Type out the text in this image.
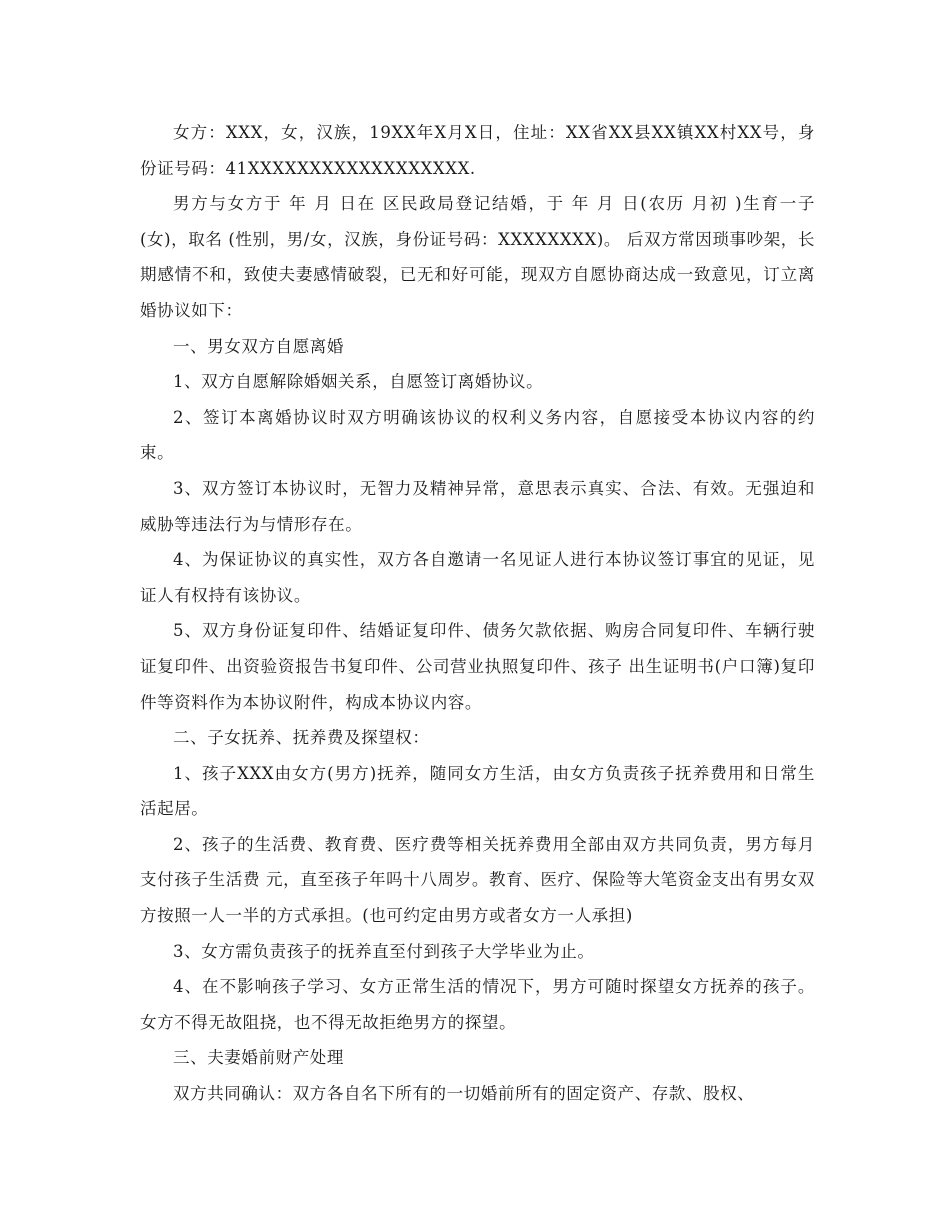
女方：XXX，女，汉族，19XX年X月X日，住址：XX省XX县XX镇XX村XX号，身份证号码：41XXXXXXXXXXXXXXXXXX.

男方与女方于 年 月 日在 区民政局登记结婚，于 年 月 日(农历 月初 )生育一子(女)，取名 (性别，男/女，汉族，身份证号码：XXXXXXXX)。 后双方常因琐事吵架，长期感情不和，致使夫妻感情破裂，已无和好可能，现双方自愿协商达成一致意见，订立离婚协议如下：

一、男女双方自愿离婚

1、双方自愿解除婚姻关系，自愿签订离婚协议。

2、签订本离婚协议时双方明确该协议的权利义务内容，自愿接受本协议内容的约束。

3、双方签订本协议时，无智力及精神异常，意思表示真实、合法、有效。无强迫和威胁等违法行为与情形存在。

4、为保证协议的真实性，双方各自邀请一名见证人进行本协议签订事宜的见证，见证人有权持有该协议。

5、双方身份证复印件、结婚证复印件、债务欠款依据、购房合同复印件、车辆行驶证复印件、出资验资报告书复印件、公司营业执照复印件、孩子 出生证明书(户口簿)复印件等资料作为本协议附件，构成本协议内容。

二、子女抚养、抚养费及探望权：

1、孩子XXX由女方(男方)抚养，随同女方生活，由女方负责孩子抚养费用和日常生活起居。

2、孩子的生活费、教育费、医疗费等相关抚养费用全部由双方共同负责，男方每月支付孩子生活费 元，直至孩子年吗十八周岁。教育、医疗、保险等大笔资金支出有男女双方按照一人一半的方式承担。(也可约定由男方或者女方一人承担)

3、女方需负责孩子的抚养直至付到孩子大学毕业为止。

4、在不影响孩子学习、女方正常生活的情况下，男方可随时探望女方抚养的孩子。女方不得无故阻挠，也不得无故拒绝男方的探望。

三、夫妻婚前财产处理

双方共同确认：双方各自名下所有的一切婚前所有的固定资产、存款、股权、
